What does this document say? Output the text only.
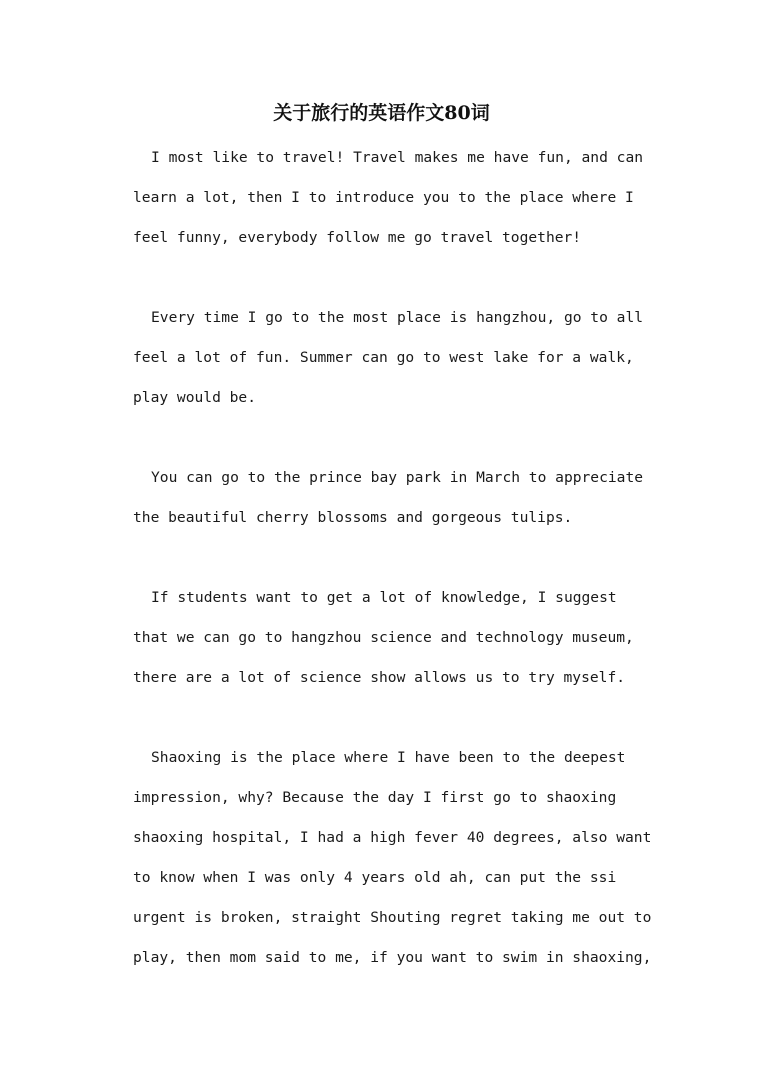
关于旅行的英语作文80词
I most like to travel! Travel makes me have fun, and can
learn a lot, then I to introduce you to the place where I
feel funny, everybody follow me go travel together!
Every time I go to the most place is hangzhou, go to all
feel a lot of fun. Summer can go to west lake for a walk,
play would be.
You can go to the prince bay park in March to appreciate
the beautiful cherry blossoms and gorgeous tulips.
If students want to get a lot of knowledge, I suggest
that we can go to hangzhou science and technology museum,
there are a lot of science show allows us to try myself.
Shaoxing is the place where I have been to the deepest
impression, why? Because the day I first go to shaoxing
shaoxing hospital, I had a high fever 40 degrees, also want
to know when I was only 4 years old ah, can put the ssi
urgent is broken, straight Shouting regret taking me out to
play, then mom said to me, if you want to swim in shaoxing,
